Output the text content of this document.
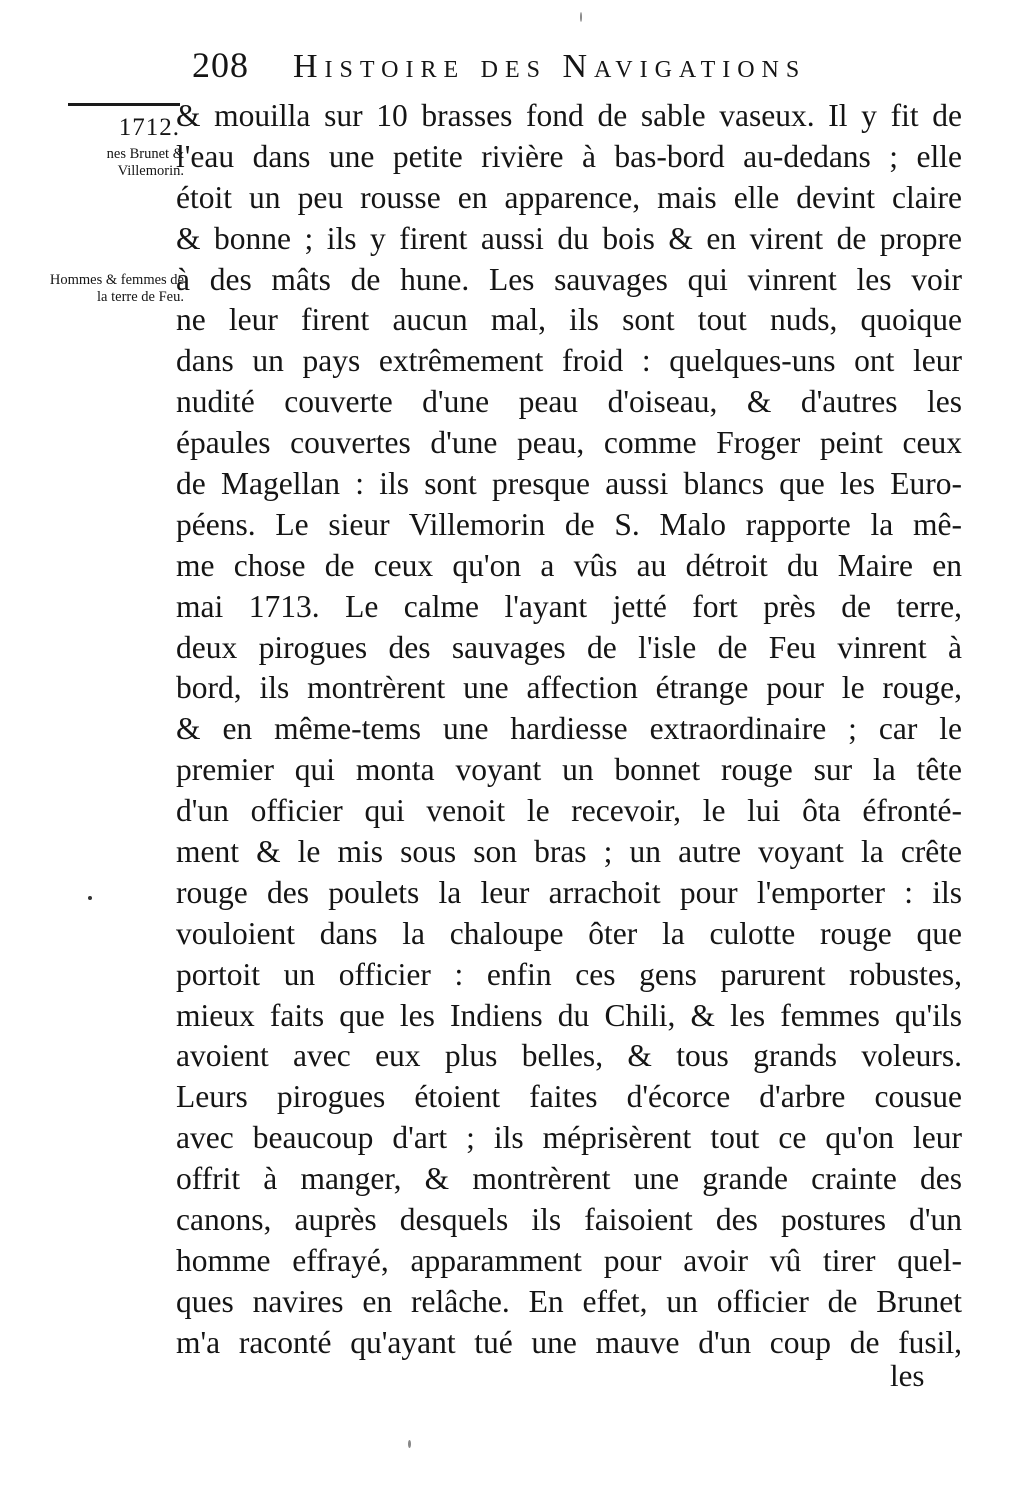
208 Histoire des Navigations
1712.
nes Brunet & Villemorin.
Hommes & femmes de la terre de Feu.
& mouilla sur 10 brasses fond de sable vaseux. Il y fit de
l'eau dans une petite rivière à bas-bord au-dedans ; elle
étoit un peu rousse en apparence, mais elle devint claire
& bonne ; ils y firent aussi du bois & en virent de propre
à des mâts de hune. Les sauvages qui vinrent les voir
ne leur firent aucun mal, ils sont tout nuds, quoique
dans un pays extrêmement froid : quelques-uns ont leur
nudité couverte d'une peau d'oiseau, & d'autres les
épaules couvertes d'une peau, comme Froger peint ceux
de Magellan : ils sont presque aussi blancs que les Euro-
péens. Le sieur Villemorin de S. Malo rapporte la mê-
me chose de ceux qu'on a vûs au détroit du Maire en
mai 1713. Le calme l'ayant jetté fort près de terre,
deux pirogues des sauvages de l'isle de Feu vinrent à
bord, ils montrèrent une affection étrange pour le rouge,
& en même-tems une hardiesse extraordinaire ; car le
premier qui monta voyant un bonnet rouge sur la tête
d'un officier qui venoit le recevoir, le lui ôta éfronté-
ment & le mis sous son bras ; un autre voyant la crête
rouge des poulets la leur arrachoit pour l'emporter : ils
vouloient dans la chaloupe ôter la culotte rouge que
portoit un officier : enfin ces gens parurent robustes,
mieux faits que les Indiens du Chili, & les femmes qu'ils
avoient avec eux plus belles, & tous grands voleurs.
Leurs pirogues étoient faites d'écorce d'arbre cousue
avec beaucoup d'art ; ils méprisèrent tout ce qu'on leur
offrit à manger, & montrèrent une grande crainte des
canons, auprès desquels ils faisoient des postures d'un
homme effrayé, apparamment pour avoir vû tirer quel-
ques navires en relâche. En effet, un officier de Brunet
m'a raconté qu'ayant tué une mauve d'un coup de fusil,
les
